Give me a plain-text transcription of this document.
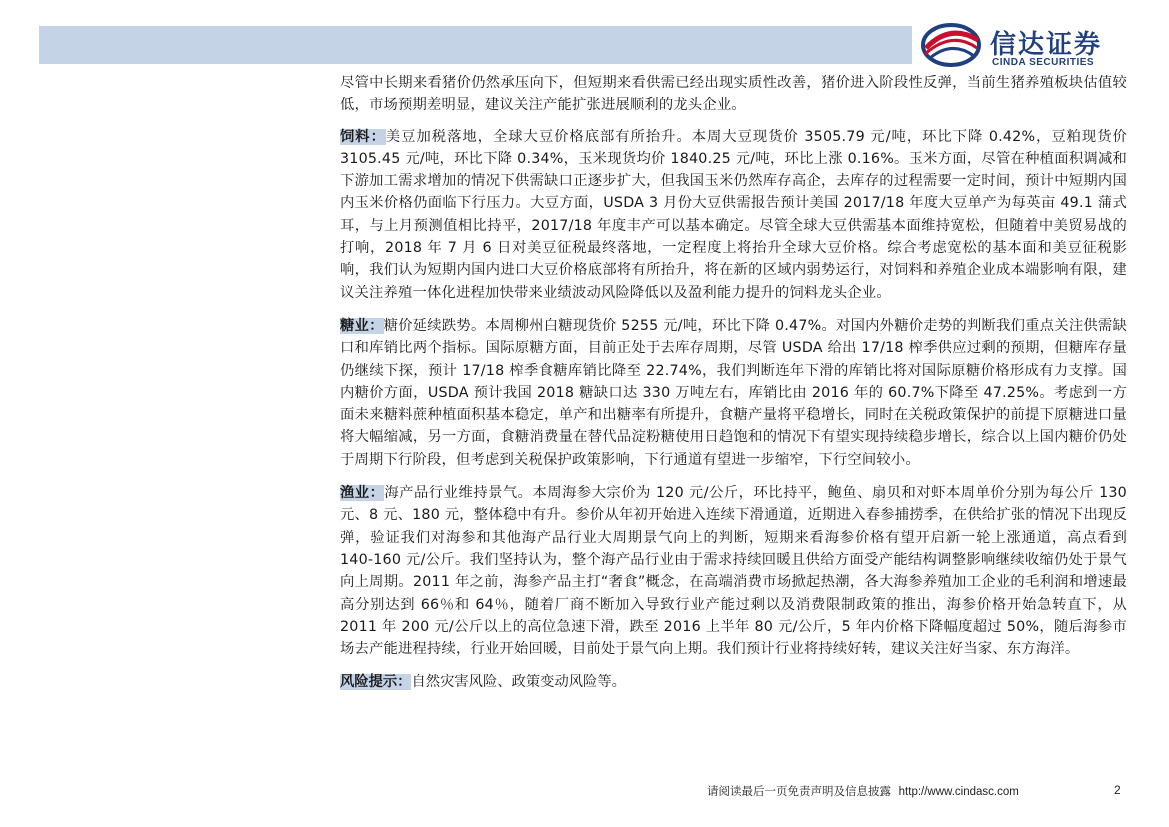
信达证券
CINDA SECURITIES

尽管中长期来看猪价仍然承压向下，但短期来看供需已经出现实质性改善，猪价进入阶段性反弹，当前生猪养殖板块估值较低，市场预期差明显，建议关注产能扩张进展顺利的龙头企业。

饲料：美豆加税落地，全球大豆价格底部有所抬升。本周大豆现货价 3505.79 元/吨，环比下降 0.42%，豆粕现货价 3105.45 元/吨，环比下降 0.34%，玉米现货均价 1840.25 元/吨，环比上涨 0.16%。玉米方面，尽管在种植面积调减和下游加工需求增加的情况下供需缺口正逐步扩大，但我国玉米仍然库存高企，去库存的过程需要一定时间，预计中短期内国内玉米价格仍面临下行压力。大豆方面，USDA 3 月份大豆供需报告预计美国 2017/18 年度大豆单产为每英亩 49.1 蒲式耳，与上月预测值相比持平，2017/18 年度丰产可以基本确定。尽管全球大豆供需基本面维持宽松，但随着中美贸易战的打响，2018 年 7 月 6 日对美豆征税最终落地，一定程度上将抬升全球大豆价格。综合考虑宽松的基本面和美豆征税影响，我们认为短期内国内进口大豆价格底部将有所抬升，将在新的区域内弱势运行，对饲料和养殖企业成本端影响有限，建议关注养殖一体化进程加快带来业绩波动风险降低以及盈利能力提升的饲料龙头企业。

糖业：糖价延续跌势。本周柳州白糖现货价 5255 元/吨，环比下降 0.47%。对国内外糖价走势的判断我们重点关注供需缺口和库销比两个指标。国际原糖方面，目前正处于去库存周期，尽管 USDA 给出 17/18 榨季供应过剩的预期，但糖库存量仍继续下探，预计 17/18 榨季食糖库销比降至 22.74%，我们判断连年下滑的库销比将对国际原糖价格形成有力支撑。国内糖价方面，USDA 预计我国 2018 糖缺口达 330 万吨左右，库销比由 2016 年的 60.7%下降至 47.25%。考虑到一方面未来糖料蔗种植面积基本稳定，单产和出糖率有所提升，食糖产量将平稳增长，同时在关税政策保护的前提下原糖进口量将大幅缩减，另一方面，食糖消费量在替代品淀粉糖使用日趋饱和的情况下有望实现持续稳步增长，综合以上国内糖价仍处于周期下行阶段，但考虑到关税保护政策影响，下行通道有望进一步缩窄，下行空间较小。

渔业：海产品行业维持景气。本周海参大宗价为 120 元/公斤，环比持平，鲍鱼、扇贝和对虾本周单价分别为每公斤 130 元、8 元、180 元，整体稳中有升。参价从年初开始进入连续下滑通道，近期进入春参捕捞季，在供给扩张的情况下出现反弹，验证我们对海参和其他海产品行业大周期景气向上的判断，短期来看海参价格有望开启新一轮上涨通道，高点看到 140-160 元/公斤。我们坚持认为，整个海产品行业由于需求持续回暖且供给方面受产能结构调整影响继续收缩仍处于景气向上周期。2011 年之前，海参产品主打“奢食”概念，在高端消费市场掀起热潮，各大海参养殖加工企业的毛利润和增速最高分别达到 66％和 64％，随着厂商不断加入导致行业产能过剩以及消费限制政策的推出，海参价格开始急转直下，从 2011 年 200 元/公斤以上的高位急速下滑，跌至 2016 上半年 80 元/公斤，5 年内价格下降幅度超过 50%，随后海参市场去产能进程持续，行业开始回暖，目前处于景气向上期。我们预计行业将持续好转，建议关注好当家、东方海洋。

风险提示：自然灾害风险、政策变动风险等。
请阅读最后一页免责声明及信息披露 http://www.cindasc.com	2
